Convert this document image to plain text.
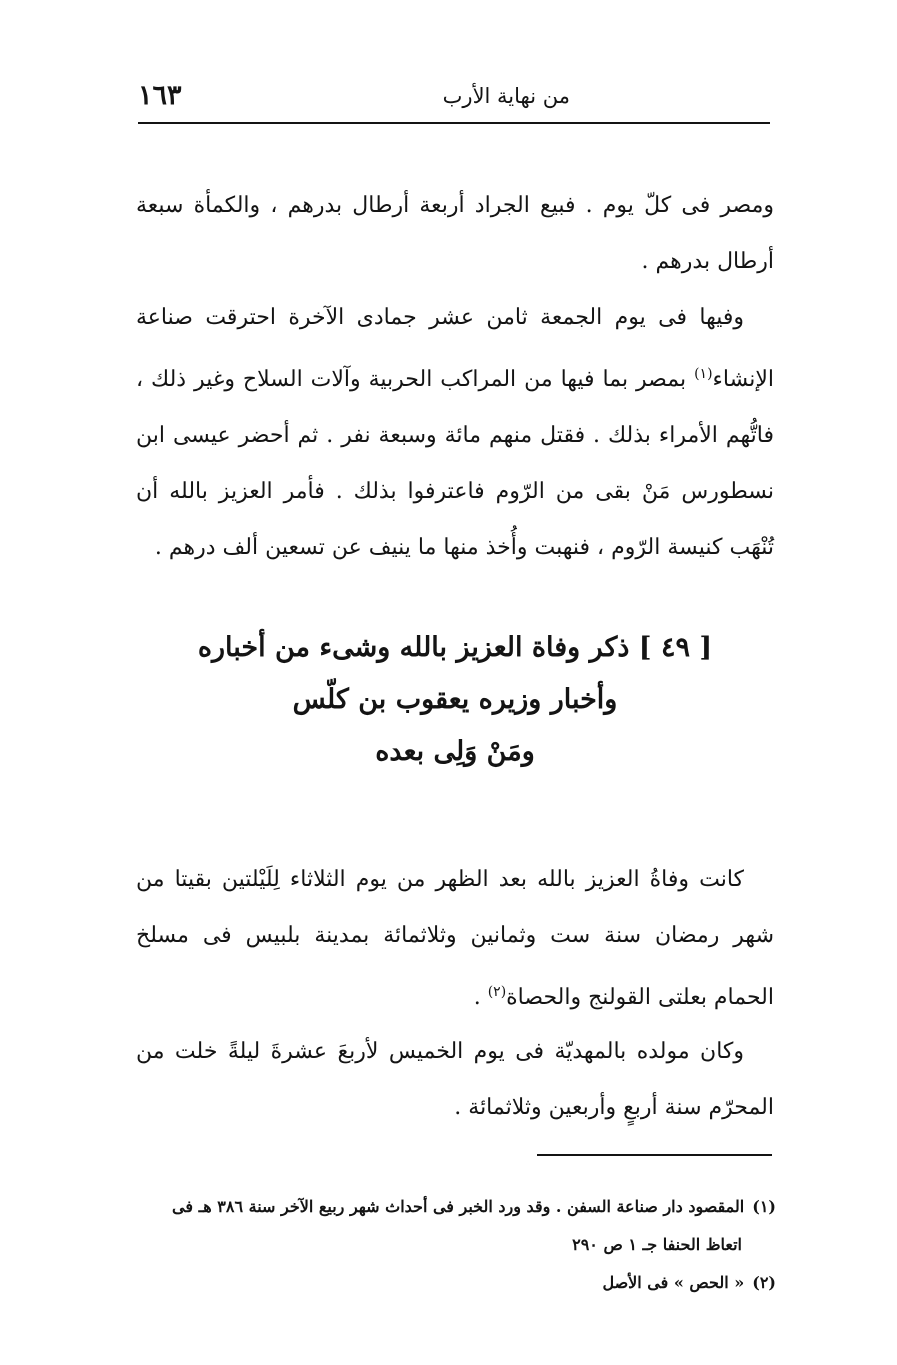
١٦٣	من نهاية الأرب

ومصر فى كلّ يوم . فبيع الجراد أربعة أرطال بدرهم ، والكمأة سبعة أرطال بدرهم .

وفيها فى يوم الجمعة ثامن عشر جمادى الآخرة احترقت صناعة الإنشاء$^{(١)}$ بمصر بما فيها من المراكب الحربية وآلات السلاح وغير ذلك ، فاتُّهم الأمراء بذلك . فقتل منهم مائة وسبعة نفر . ثم أحضر عيسى ابن نسطورس مَنْ بقى من الرّوم فاعترفوا بذلك . فأمر العزيز بالله أن تُنْهَب كنيسة الرّوم ، فنهبت وأُخذ منها ما ينيف عن تسعين ألف درهم .

[ ٤٩ ] ذكر وفاة العزيز بالله وشىء من أخباره
وأخبار وزيره يعقوب بن كلّس
ومَنْ وَلِى بعده

كانت وفاةُ العزيز بالله بعد الظهر من يوم الثلاثاء لِلَيْلتين بقيتا من شهر رمضان سنة ست وثمانين وثلاثمائة بمدينة بلبيس فى مسلخ الحمام بعلتى القولنج والحصاة$^{(٢)}$ .

وكان مولده بالمهديّة فى يوم الخميس لأربعَ عشرةَ ليلةً خلت من المحرّم سنة أربعٍ وأربعين وثلاثمائة .

(١)المقصود دار صناعة السفن . وقد ورد الخبر فى أحداث شهر ربيع الآخر سنة ٣٨٦ هـ فى

اتعاظ الحنفا جـ ١ ص ٢٩٠

(٢)« الحص » فى الأصل
